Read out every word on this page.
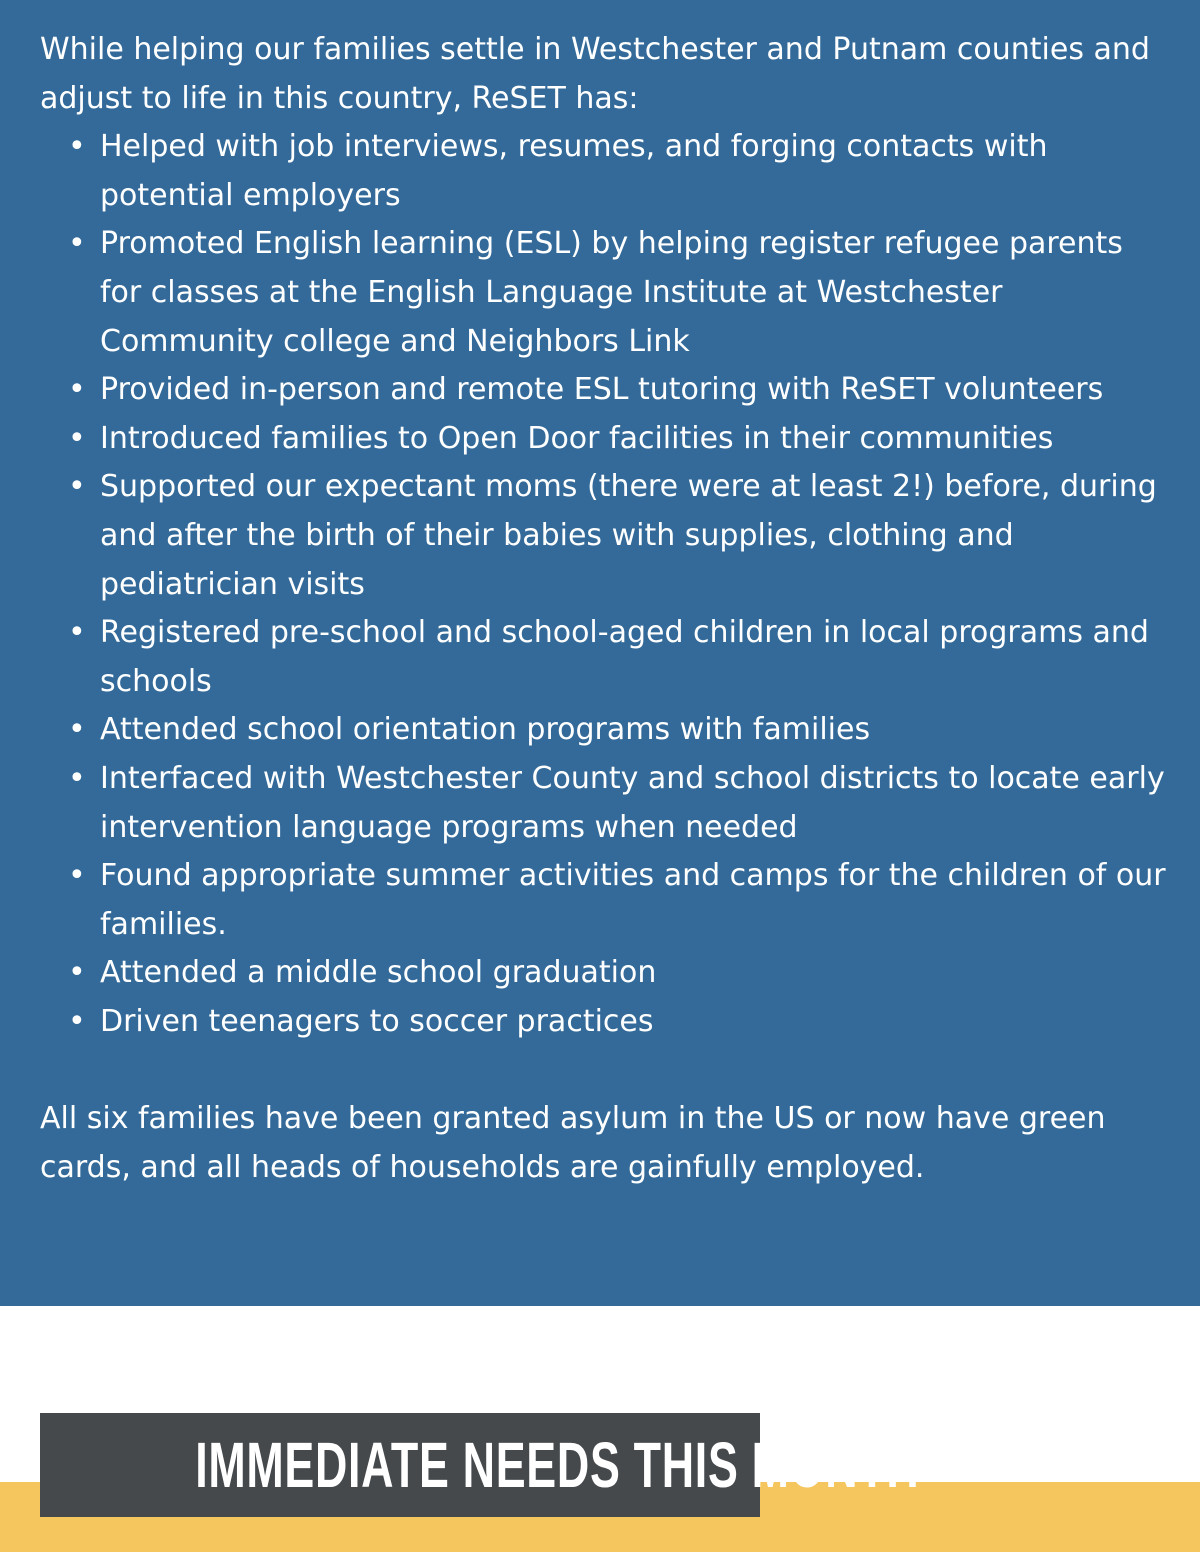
While helping our families settle in Westchester and Putnam counties and adjust to life in this country, ReSET has:

•
Helped with job interviews, resumes, and forging contacts with potential employers
•
Promoted English learning (ESL) by helping register refugee parents for classes at the English Language Institute at Westchester Community college and Neighbors Link
•
Provided in-person and remote ESL tutoring with ReSET volunteers
•
Introduced families to Open Door facilities in their communities
•
Supported our expectant moms (there were at least 2!) before, during and after the birth of their babies with supplies, clothing and pediatrician visits
•
Registered pre-school and school-aged children in local programs and schools
•
Attended school orientation programs with families
•
Interfaced with Westchester County and school districts to locate early intervention language programs when needed
•
Found appropriate summer activities and camps for the children of our families.
•
Attended a middle school graduation
•
Driven teenagers to soccer practices

All six families have been granted asylum in the US or now have green cards, and all heads of households are gainfully employed.

IMMEDIATE NEEDS THIS MONTH
